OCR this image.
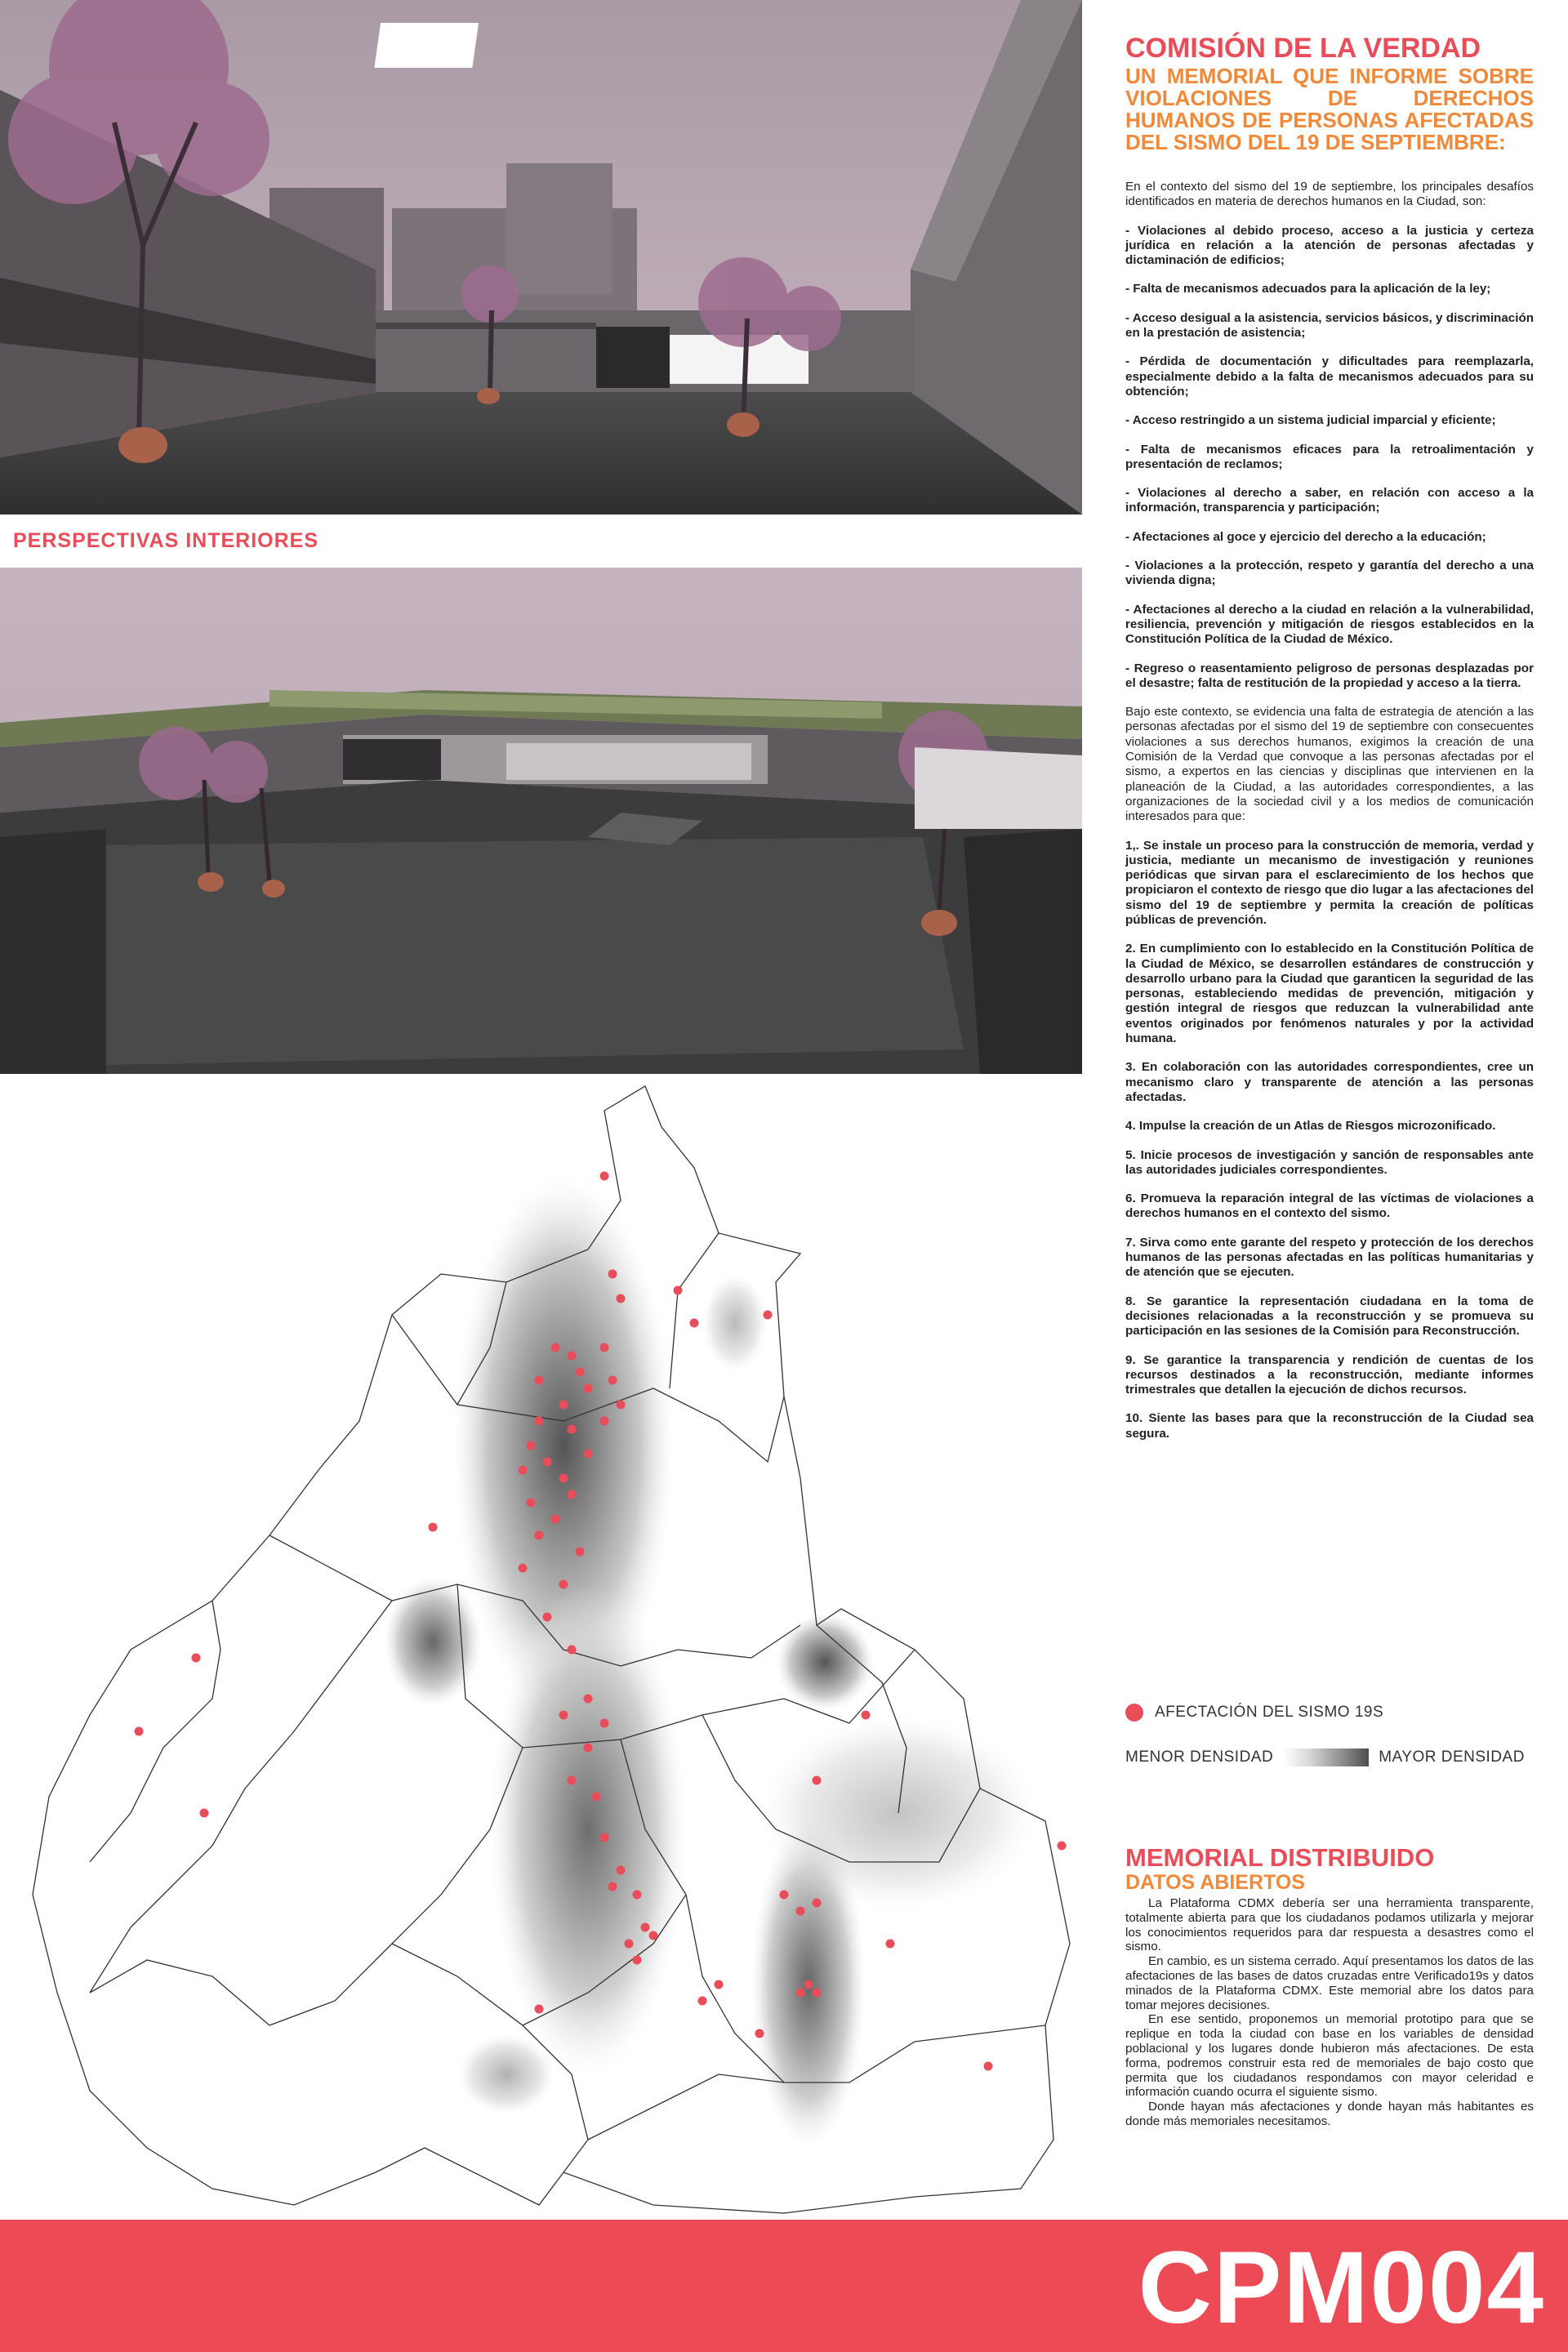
PERSPECTIVAS INTERIORES
COMISIÓN DE LA VERDAD
UN MEMORIAL QUE INFORME SOBRE VIOLACIONES DE DERECHOS HUMANOS DE PERSONAS AFECTADAS DEL SISMO DEL 19 DE SEPTIEMBRE:

En el contexto del sismo del 19 de septiembre, los principales desafíos identificados en materia de derechos humanos en la Ciudad, son:

- Violaciones al debido proceso, acceso a la justicia y certeza jurídica en relación a la atención de personas afectadas y dictaminación de edificios;

- Falta de mecanismos adecuados para la aplicación de la ley;

- Acceso desigual a la asistencia, servicios básicos, y discriminación en la prestación de asistencia;

- Pérdida de documentación y dificultades para reemplazarla, especialmente debido a la falta de mecanismos adecuados para su obtención;

- Acceso restringido a un sistema judicial imparcial y eficiente;

- Falta de mecanismos eficaces para la retroalimentación y presentación de reclamos;

- Violaciones al derecho a saber, en relación con acceso a la información, transparencia y participación;

- Afectaciones al goce y ejercicio del derecho a la educación;

- Violaciones a la protección, respeto y garantía del derecho a una vivienda digna;

- Afectaciones al derecho a la ciudad en relación a la vulnerabilidad, resiliencia, prevención y mitigación de riesgos establecidos en la Constitución Política de la Ciudad de México.

- Regreso o reasentamiento peligroso de personas desplazadas por el desastre; falta de restitución de la propiedad y acceso a la tierra.

Bajo este contexto, se evidencia una falta de estrategia de atención a las personas afectadas por el sismo del 19 de septiembre con consecuentes violaciones a sus derechos humanos, exigimos la creación de una Comisión de la Verdad que convoque a las personas afectadas por el sismo, a expertos en las ciencias y disciplinas que intervienen en la planeación de la Ciudad, a las autoridades correspondientes, a las organizaciones de la sociedad civil y a los medios de comunicación interesados para que:

1,. Se instale un proceso para la construcción de memoria, verdad y justicia, mediante un mecanismo de investigación y reuniones periódicas que sirvan para el esclarecimiento de los hechos que propiciaron el contexto de riesgo que dio lugar a las afectaciones del sismo del 19 de septiembre y permita la creación de políticas públicas de prevención.

2. En cumplimiento con lo establecido en la Constitución Política de la Ciudad de México, se desarrollen estándares de construcción y desarrollo urbano para la Ciudad que garanticen la seguridad de las personas, estableciendo medidas de prevención, mitigación y gestión integral de riesgos que reduzcan la vulnerabilidad ante eventos originados por fenómenos naturales y por la actividad humana.

3. En colaboración con las autoridades correspondientes, cree un mecanismo claro y transparente de atención a las personas afectadas.

4. Impulse la creación de un Atlas de Riesgos microzonificado.

5. Inicie procesos de investigación y sanción de responsables ante las autoridades judiciales correspondientes.

6. Promueva la reparación integral de las víctimas de violaciones a derechos humanos en el contexto del sismo.

7. Sirva como ente garante del respeto y protección de los derechos humanos de las personas afectadas en las políticas humanitarias y de atención que se ejecuten.

8. Se garantice la representación ciudadana en la toma de decisiones relacionadas a la reconstrucción y se promueva su participación en las sesiones de la Comisión para Reconstrucción.

9. Se garantice la transparencia y rendición de cuentas de los recursos destinados a la reconstrucción, mediante informes trimestrales que detallen la ejecución de dichos recursos.

10. Siente las bases para que la reconstrucción de la Ciudad sea segura.

AFECTACIÓN DEL SISMO 19S
MENOR DENSIDAD	MAYOR DENSIDAD
MEMORIAL DISTRIBUIDO
DATOS ABIERTOS

La Plataforma CDMX debería ser una herramienta transparente, totalmente abierta para que los ciudadanos podamos utilizarla y mejorar los conocimientos requeridos para dar respuesta a desastres como el sismo.

En cambio, es un sistema cerrado. Aquí presentamos los datos de las afectaciones de las bases de datos cruzadas entre Verificado19s y datos minados de la Plataforma CDMX. Este memorial abre los datos para tomar mejores decisiones.

En ese sentido, proponemos un memorial prototipo para que se replique en toda la ciudad con base en los variables de densidad poblacional y los lugares donde hubieron más afectaciones. De esta forma, podremos construir esta red de memoriales de bajo costo que permita que los ciudadanos respondamos con mayor celeridad e información cuando ocurra el siguiente sismo.

Donde hayan más afectaciones y donde hayan más habitantes es donde más memoriales necesitamos.

CPM004
